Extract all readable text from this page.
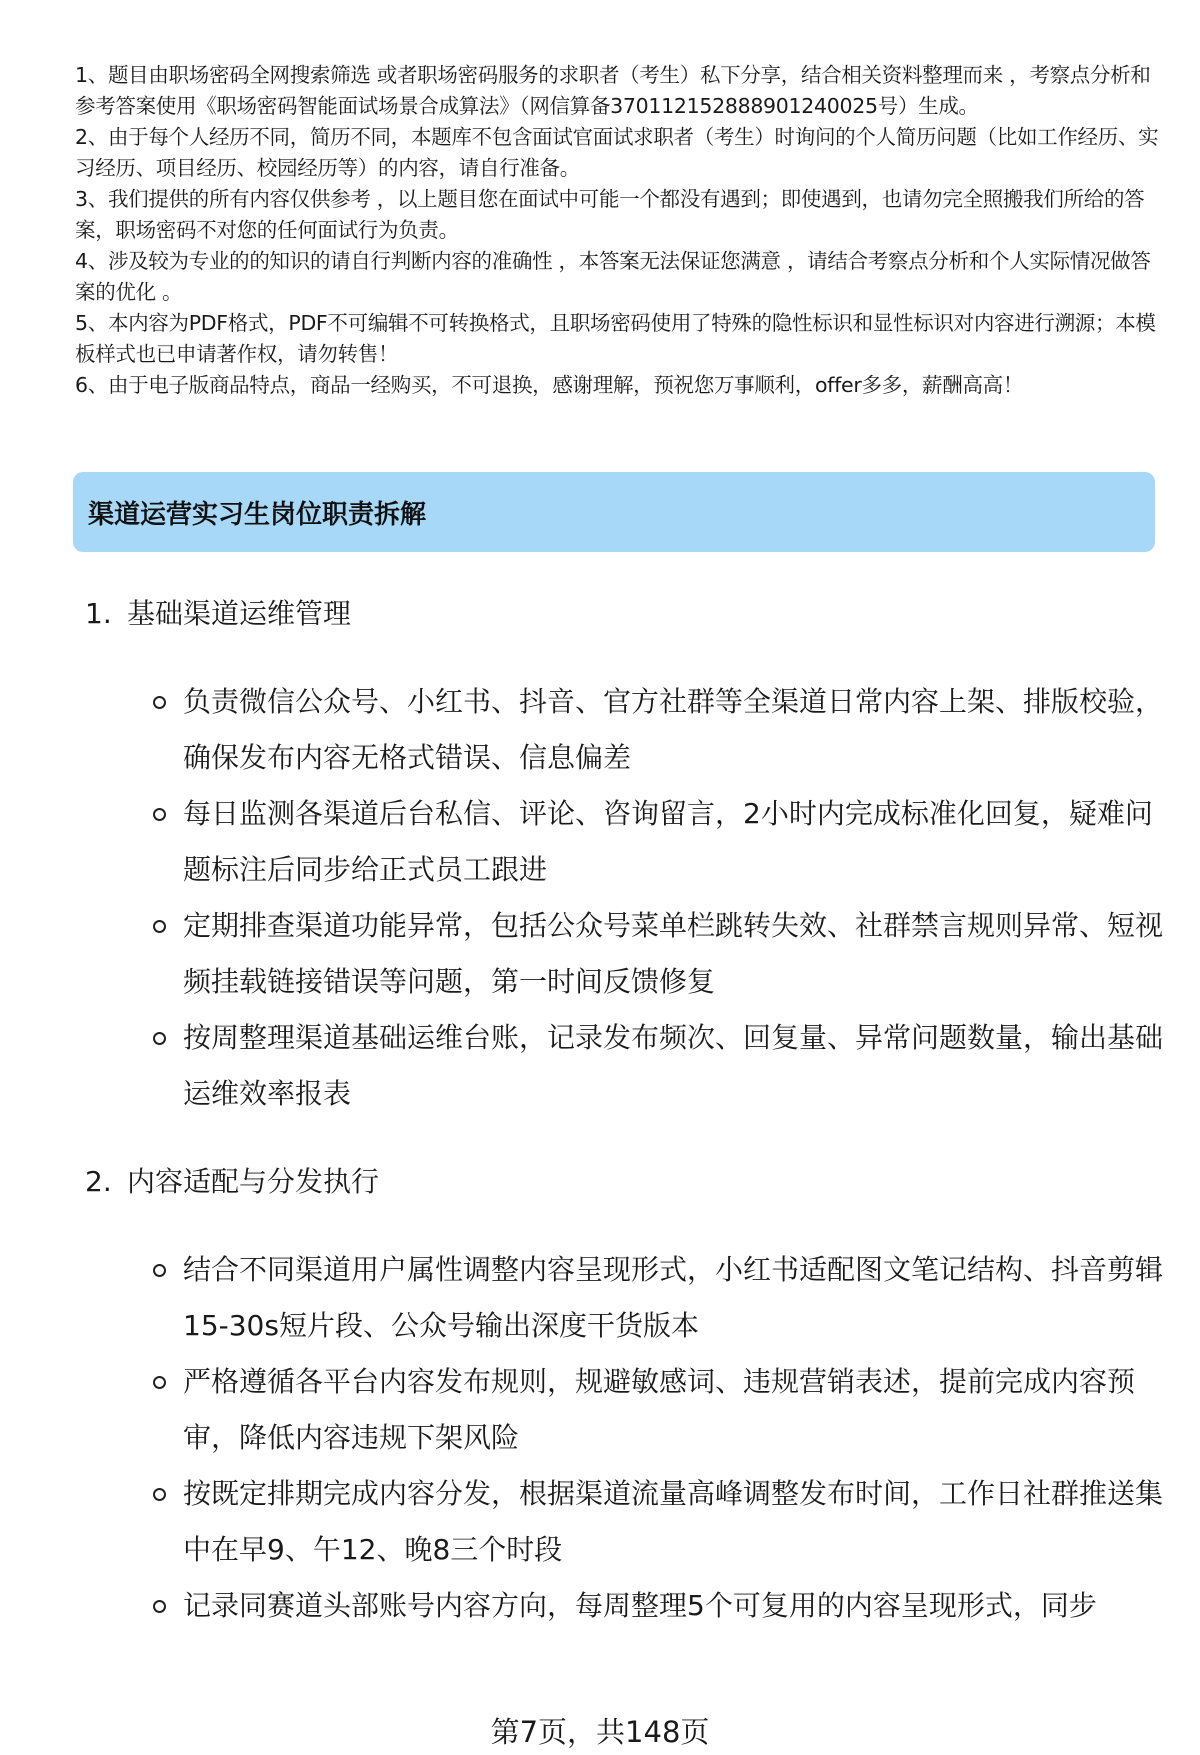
1、题目由职场密码全网搜索筛选 或者职场密码服务的求职者（考生）私下分享，结合相关资料整理而来 ，考察点分析和参考答案使用《职场密码智能面试场景合成算法》（网信算备370112152888901240025号）生成。

2、由于每个人经历不同，简历不同，本题库不包含面试官面试求职者（考生）时询问的个人简历问题（比如工作经历、实习经历、项目经历、校园经历等）的内容，请自行准备。

3、我们提供的所有内容仅供参考 ，以上题目您在面试中可能一个都没有遇到；即使遇到，也请勿完全照搬我们所给的答案，职场密码不对您的任何面试行为负责。

4、涉及较为专业的的知识的请自行判断内容的准确性 ，本答案无法保证您满意 ，请结合考察点分析和个人实际情况做答案的优化 。

5、本内容为PDF格式，PDF不可编辑不可转换格式，且职场密码使用了特殊的隐性标识和显性标识对内容进行溯源；本模板样式也已申请著作权，请勿转售！

6、由于电子版商品特点，商品一经购买，不可退换，感谢理解，预祝您万事顺利，offer多多，薪酬高高！

渠道运营实习生岗位职责拆解
1. 基础渠道运维管理
负责微信公众号、小红书、抖音、官方社群等全渠道日常内容上架、排版校验，确保发布内容无格式错误、信息偏差
每日监测各渠道后台私信、评论、咨询留言，2小时内完成标准化回复，疑难问题标注后同步给正式员工跟进
定期排查渠道功能异常，包括公众号菜单栏跳转失效、社群禁言规则异常、短视频挂载链接错误等问题，第一时间反馈修复
按周整理渠道基础运维台账，记录发布频次、回复量、异常问题数量，输出基础运维效率报表
2. 内容适配与分发执行
结合不同渠道用户属性调整内容呈现形式，小红书适配图文笔记结构、抖音剪辑15-30s短片段、公众号输出深度干货版本
严格遵循各平台内容发布规则，规避敏感词、违规营销表述，提前完成内容预审，降低内容违规下架风险
按既定排期完成内容分发，根据渠道流量高峰调整发布时间，工作日社群推送集中在早9、午12、晚8三个时段
记录同赛道头部账号内容方向，每周整理5个可复用的内容呈现形式，同步
第7页，共148页
